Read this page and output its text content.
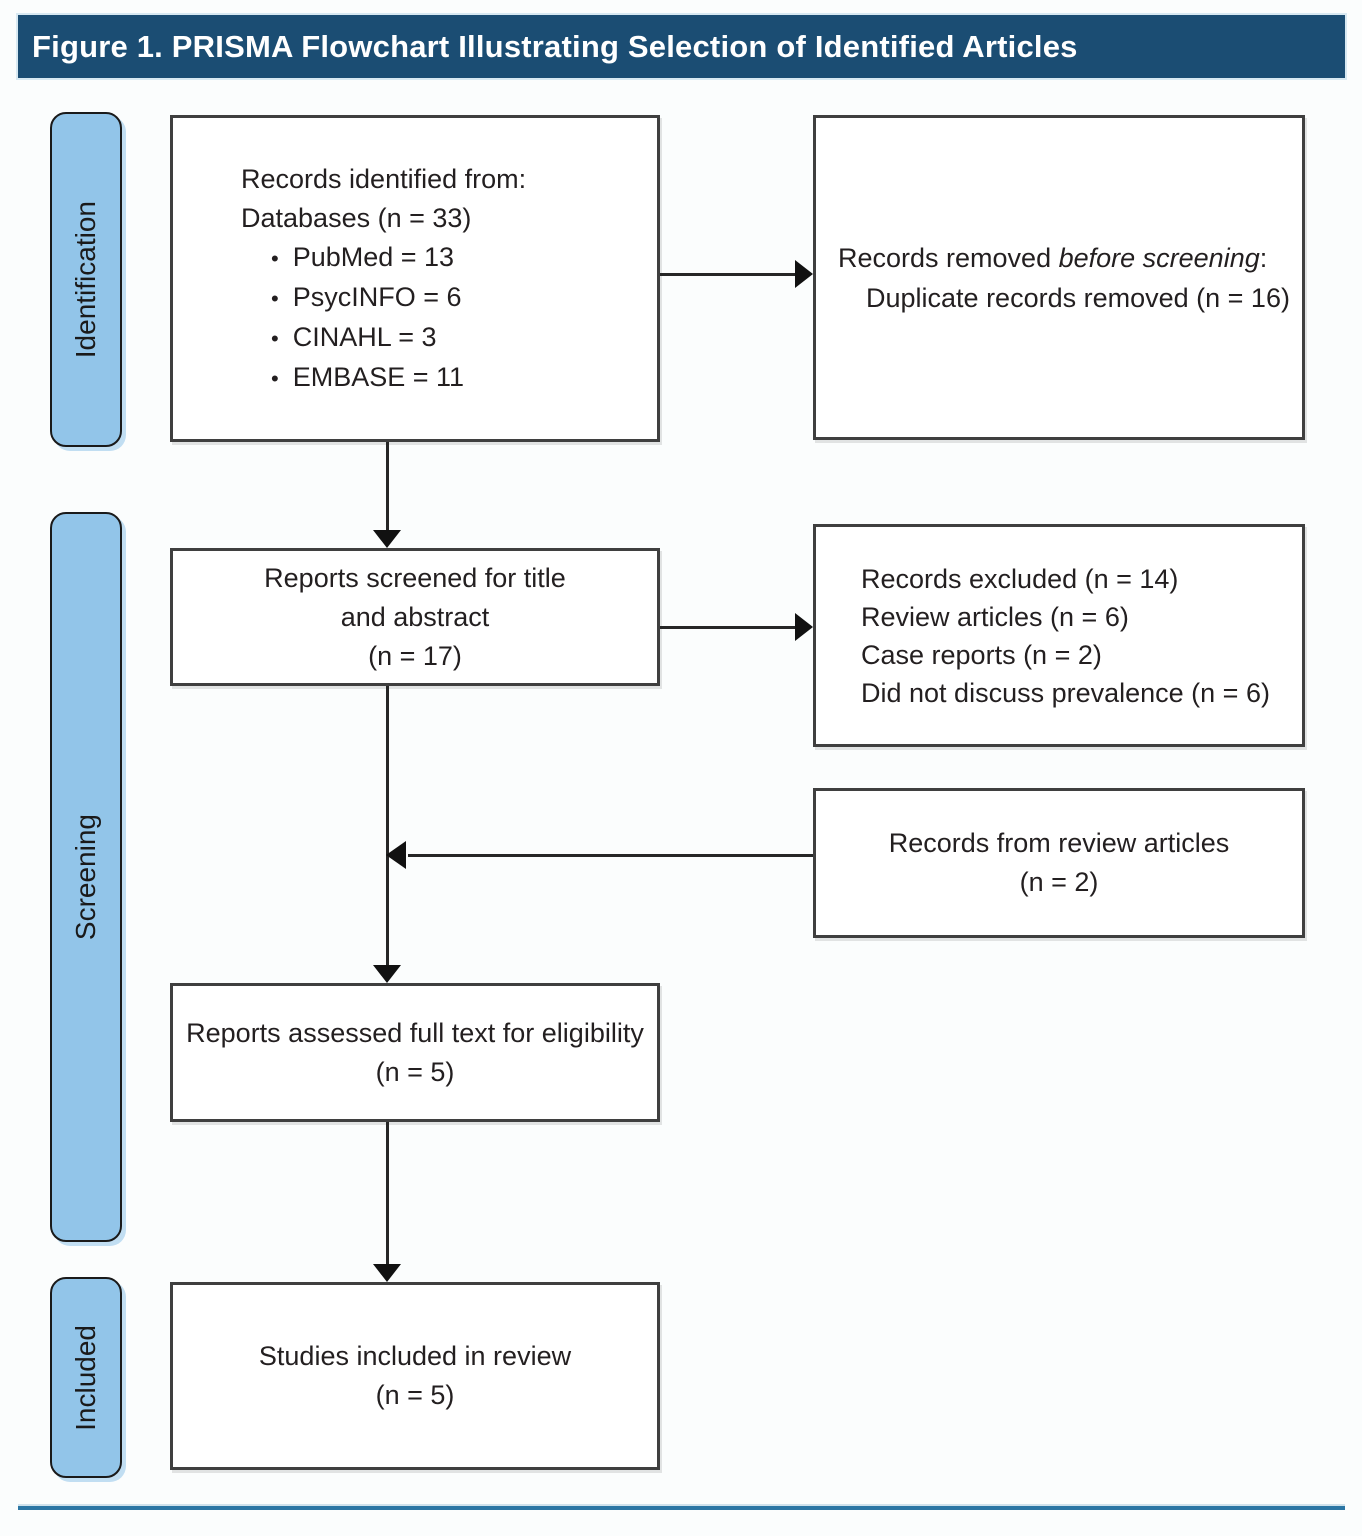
Figure 1. PRISMA Flowchart Illustrating Selection of Identified Articles
Identification
Screening
Included
Records identified from:
Databases (n = 33)
• PubMed = 13
• PsycINFO = 6
• CINAHL = 3
• EMBASE = 11
Reports screened for title
and abstract
(n = 17)
Reports assessed full text for eligibility
(n = 5)
Studies included in review
(n = 5)
Records removed before screening:
Duplicate records removed (n = 16)
Records excluded (n = 14)
Review articles (n = 6)
Case reports (n = 2)
Did not discuss prevalence (n = 6)
Records from review articles
(n = 2)
